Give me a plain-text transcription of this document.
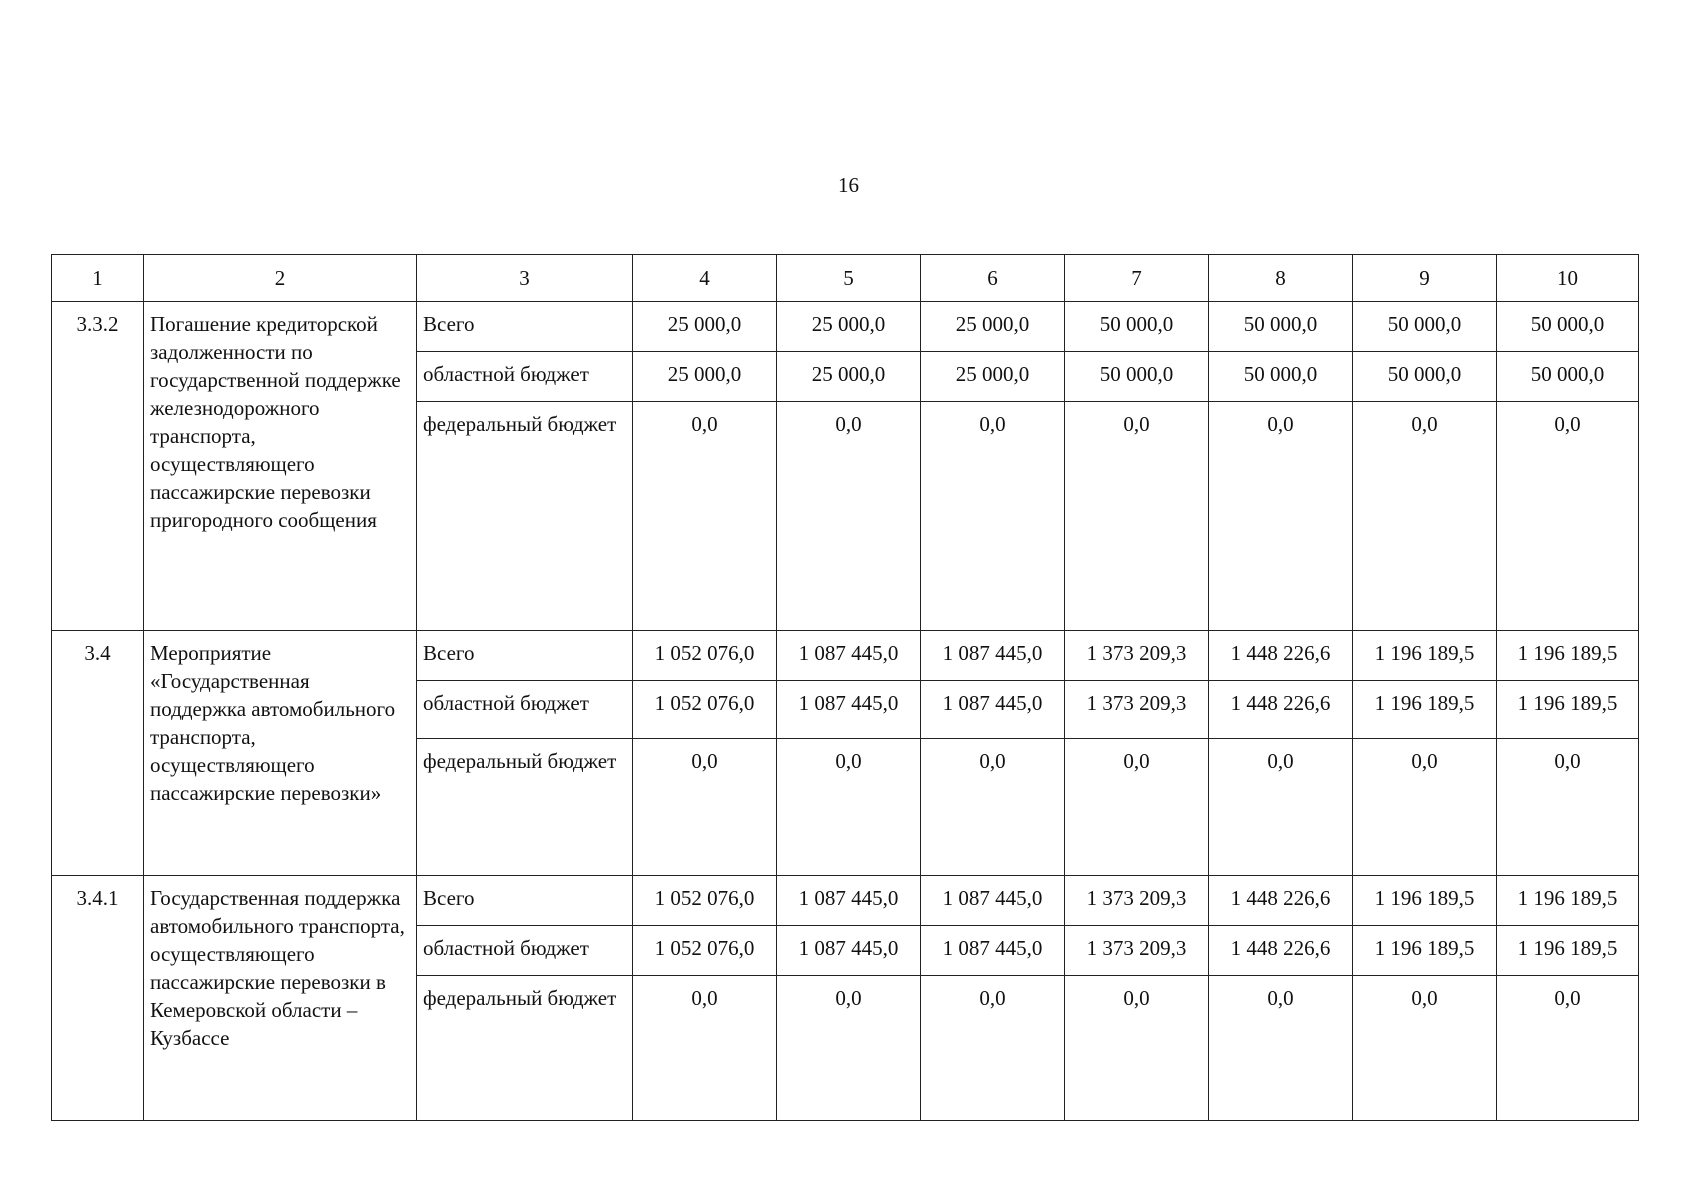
16
1	2	3	4	5	6	7	8	9	10
3.3.2	Погашение кредиторской задолженности по государственной поддержке железнодорожного транспорта, осуществляющего пассажирские перевозки пригородного сообщения	Всего	25 000,0	25 000,0	25 000,0	50 000,0	50 000,0	50 000,0	50 000,0
		областной бюджет	25 000,0	25 000,0	25 000,0	50 000,0	50 000,0	50 000,0	50 000,0
		федеральный бюджет	0,0	0,0	0,0	0,0	0,0	0,0	0,0
3.4	Мероприятие «Государственная поддержка автомобильного транспорта, осуществляющего пассажирские перевозки»	Всего	1 052 076,0	1 087 445,0	1 087 445,0	1 373 209,3	1 448 226,6	1 196 189,5	1 196 189,5
		областной бюджет	1 052 076,0	1 087 445,0	1 087 445,0	1 373 209,3	1 448 226,6	1 196 189,5	1 196 189,5
		федеральный бюджет	0,0	0,0	0,0	0,0	0,0	0,0	0,0
3.4.1	Государственная поддержка автомобильного транспорта, осуществляющего пассажирские перевозки в Кемеровской области – Кузбассе	Всего	1 052 076,0	1 087 445,0	1 087 445,0	1 373 209,3	1 448 226,6	1 196 189,5	1 196 189,5
		областной бюджет	1 052 076,0	1 087 445,0	1 087 445,0	1 373 209,3	1 448 226,6	1 196 189,5	1 196 189,5
		федеральный бюджет	0,0	0,0	0,0	0,0	0,0	0,0	0,0
